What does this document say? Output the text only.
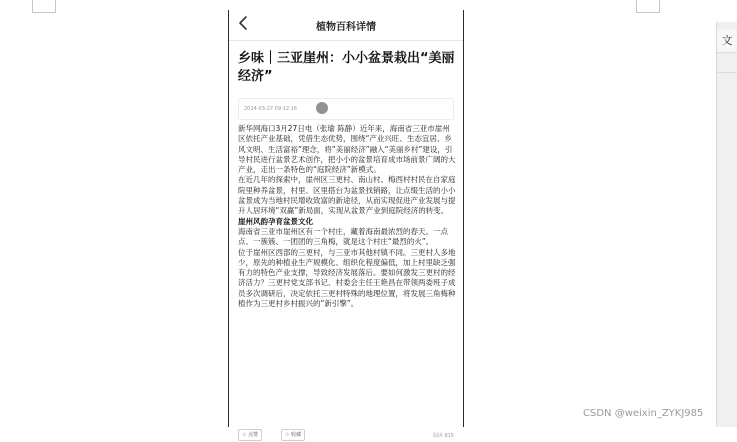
文
植物百科详情
乡味｜三亚崖州：小小盆景栽出“美丽经济”
2024-03-27 09:12:16

新华网海口3月27日电（张瑜 陈静）近年来，海南省三亚市崖州区依托产业基础，凭借生态优势，围绕“产业兴旺、生态宜居、乡风文明、生活富裕”理念，将“美丽经济”融入“美丽乡村”建设，引导村民进行盆景艺术创作，把小小的盆景培育成市场前景广阔的大产业，走出一条特色的“庭院经济”新模式。

在近几年的探索中，崖州区三更村、南山村、梅西村村民在自家庭院里种养盆景，村里、区里搭台为盆景找销路，让点缀生活的小小盆景成为当地村民增收致富的新途径，从而实现促进产业发展与提升人居环境“双赢”新局面，实现从盆景产业到庭院经济的转变。

崖州风韵孕育盆景文化

海南省三亚市崖州区有一个村庄，藏着海南最浓烈的春天。一点点、一簇簇、一团团的三角梅，就是这个村庄“最烈的火”。

位于崖州区西部的三更村，与三亚市其他村镇不同。三更村人多地少，原先的种植业生产规模化、组织化程度偏低，加上村里缺乏强有力的特色产业支撑，导致经济发展落后。要如何激发三更村的经济活力？三更村党支部书记、村委会主任王艳昌在带领两委班子成员多次调研后，决定依托三更村特殊的地理位置，将发展三角梅种植作为三更村乡村振兴的“新引擎”。

☆ 点赞	☆ 收藏	阅读 815
CSDN @weixin_ZYKJ985
